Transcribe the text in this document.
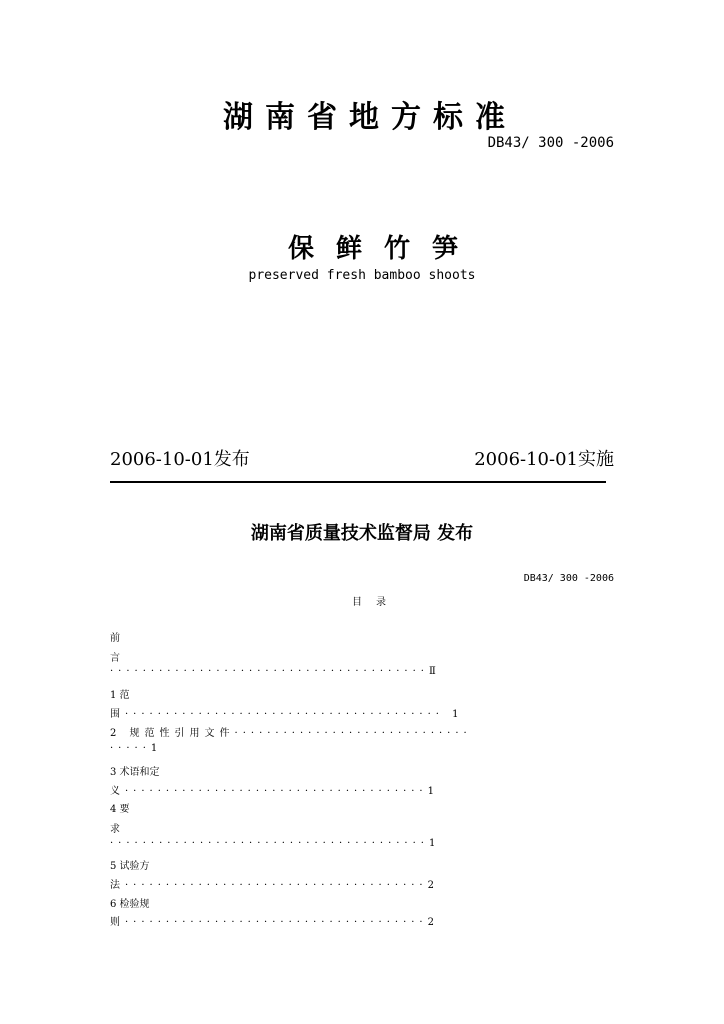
湖南省地方标准
DB43/ 300 -2006
保鲜竹笋
preserved fresh bamboo shoots
2006-10-01发布	2006-10-01实施
湖南省质量技术监督局 发布
DB43/ 300 -2006
目录
前
言
·······································Ⅱ
1 范
围······································· 1
2 规范性引用文件·····························
·····1
3 术语和定
义·····································1
4 要
求
·······································1
5 试验方
法·····································2
6 检验规
则·····································2
